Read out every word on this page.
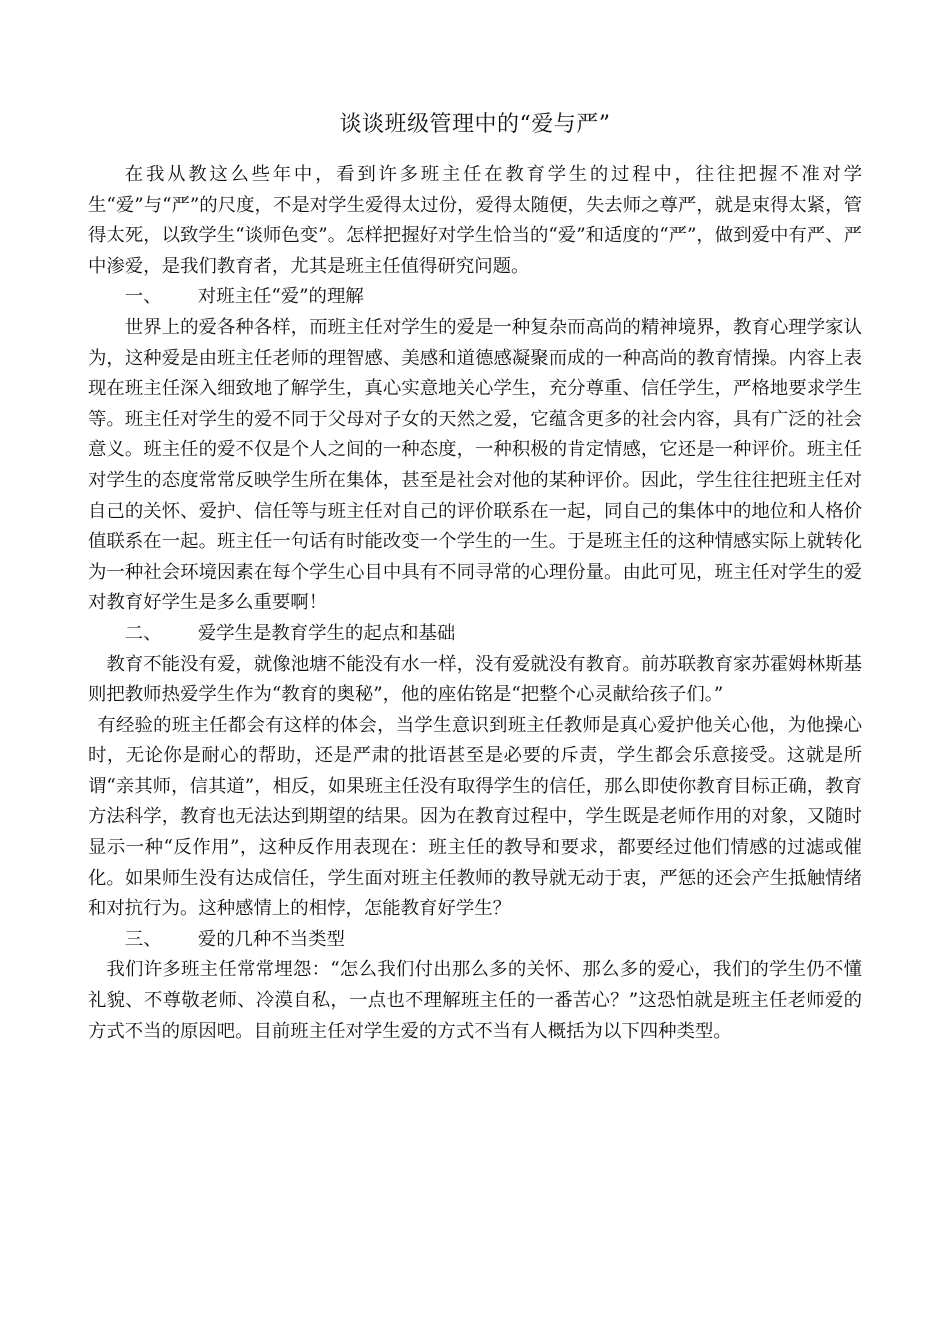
谈谈班级管理中的“爱与严”

在我从教这么些年中，看到许多班主任在教育学生的过程中，往往把握不准对学生“爱”与“严”的尺度，不是对学生爱得太过份，爱得太随便，失去师之尊严，就是束得太紧，管得太死，以致学生“谈师色变”。怎样把握好对学生恰当的“爱”和适度的“严”，做到爱中有严、严中渗爱，是我们教育者，尤其是班主任值得研究问题。

一、 对班主任“爱”的理解

世界上的爱各种各样，而班主任对学生的爱是一种复杂而高尚的精神境界，教育心理学家认为，这种爱是由班主任老师的理智感、美感和道德感凝聚而成的一种高尚的教育情操。内容上表现在班主任深入细致地了解学生，真心实意地关心学生，充分尊重、信任学生，严格地要求学生等。班主任对学生的爱不同于父母对子女的天然之爱，它蕴含更多的社会内容，具有广泛的社会意义。班主任的爱不仅是个人之间的一种态度，一种积极的肯定情感，它还是一种评价。班主任对学生的态度常常反映学生所在集体，甚至是社会对他的某种评价。因此，学生往往把班主任对自己的关怀、爱护、信任等与班主任对自己的评价联系在一起，同自己的集体中的地位和人格价值联系在一起。班主任一句话有时能改变一个学生的一生。于是班主任的这种情感实际上就转化为一种社会环境因素在每个学生心目中具有不同寻常的心理份量。由此可见，班主任对学生的爱对教育好学生是多么重要啊！

二、 爱学生是教育学生的起点和基础

教育不能没有爱，就像池塘不能没有水一样，没有爱就没有教育。前苏联教育家苏霍姆林斯基则把教师热爱学生作为“教育的奥秘”，他的座佑铭是“把整个心灵献给孩子们。”

有经验的班主任都会有这样的体会，当学生意识到班主任教师是真心爱护他关心他，为他操心时，无论你是耐心的帮助，还是严肃的批语甚至是必要的斥责，学生都会乐意接受。这就是所谓“亲其师，信其道”，相反，如果班主任没有取得学生的信任，那么即使你教育目标正确，教育方法科学，教育也无法达到期望的结果。因为在教育过程中，学生既是老师作用的对象，又随时显示一种“反作用”，这种反作用表现在：班主任的教导和要求，都要经过他们情感的过滤或催化。如果师生没有达成信任，学生面对班主任教师的教导就无动于衷，严惩的还会产生抵触情绪和对抗行为。这种感情上的相悖，怎能教育好学生？

三、 爱的几种不当类型

我们许多班主任常常埋怨：“怎么我们付出那么多的关怀、那么多的爱心，我们的学生仍不懂礼貌、不尊敬老师、冷漠自私，一点也不理解班主任的一番苦心？”这恐怕就是班主任老师爱的方式不当的原因吧。目前班主任对学生爱的方式不当有人概括为以下四种类型。
